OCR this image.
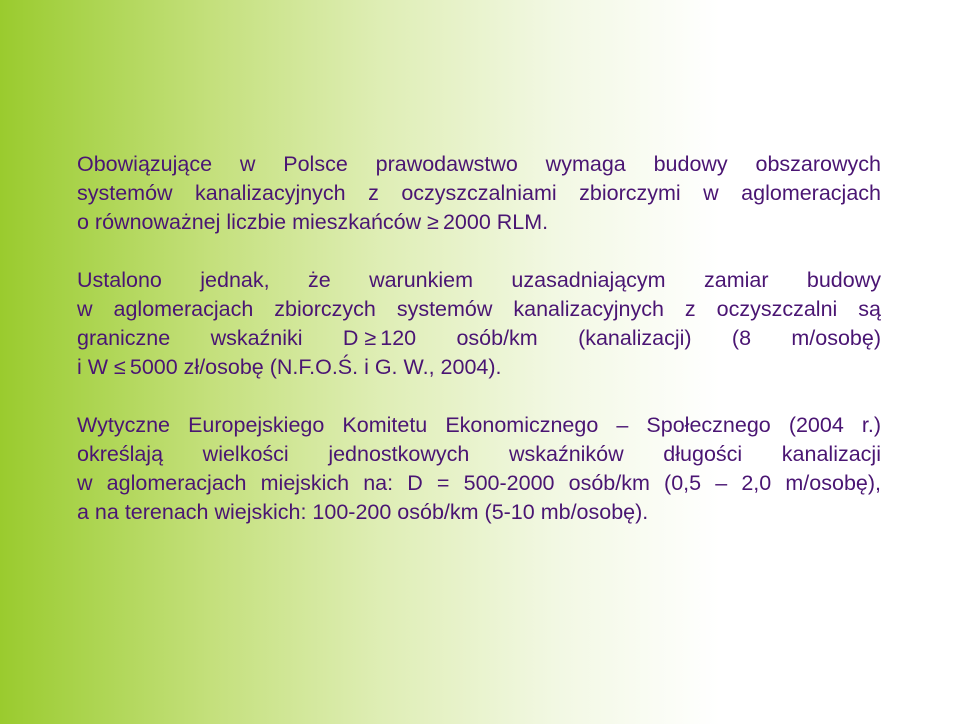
Obowiązujące w Polsce prawodawstwo wymaga budowy obszarowych
systemów kanalizacyjnych z oczyszczalniami zbiorczymi w aglomeracjach
o równoważnej liczbie mieszkańców ≥ 2000 RLM.

Ustalono jednak, że warunkiem uzasadniającym zamiar budowy
w aglomeracjach zbiorczych systemów kanalizacyjnych z oczyszczalni są
graniczne wskaźniki D ≥ 120 osób/km (kanalizacji) (8 m/osobę)
i W ≤ 5000 zł/osobę (N.F.O.Ś. i G. W., 2004).

Wytyczne Europejskiego Komitetu Ekonomicznego – Społecznego (2004 r.)
określają wielkości jednostkowych wskaźników długości kanalizacji
w aglomeracjach miejskich na: D = 500-2000 osób/km (0,5 – 2,0 m/osobę),
a na terenach wiejskich: 100-200 osób/km (5-10 mb/osobę).
